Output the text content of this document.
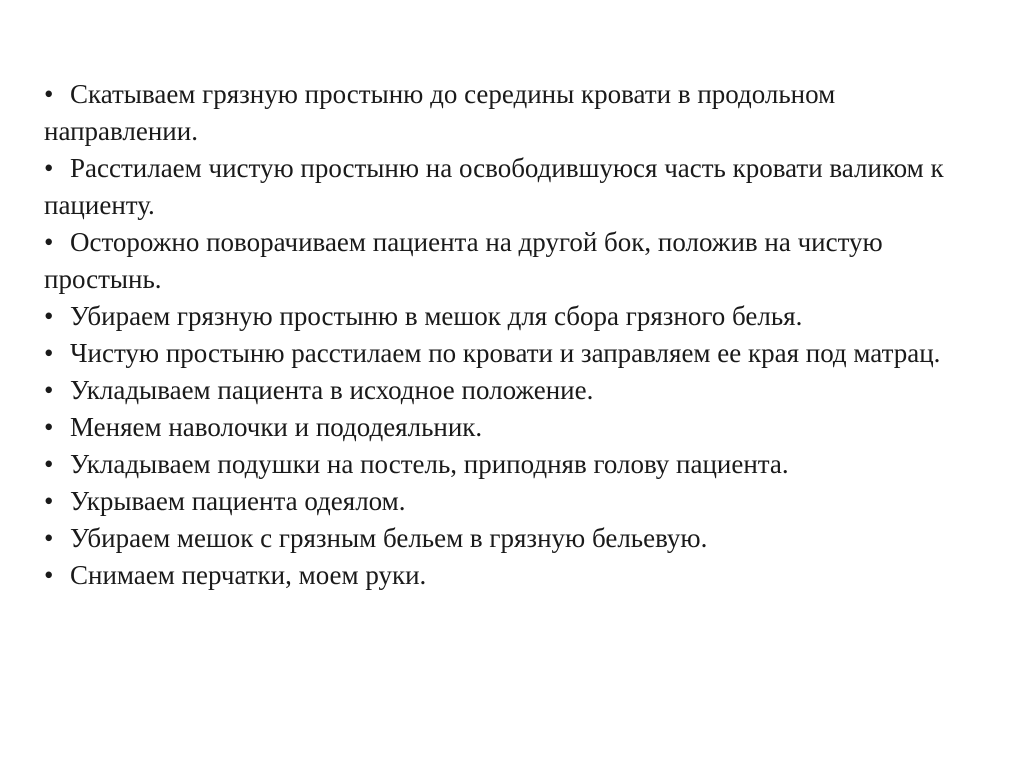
• Скатываем грязную простыню до середины кровати в продольном направлении.
• Расстилаем чистую простыню на освободившуюся часть кровати валиком к пациенту.
• Осторожно поворачиваем пациента на другой бок, положив на чистую простынь.
• Убираем грязную простыню в мешок для сбора грязного белья.
• Чистую простыню расстилаем по кровати и заправляем ее края под матрац.
• Укладываем пациента в исходное положение.
• Меняем наволочки и пододеяльник.
• Укладываем подушки на постель, приподняв голову пациента.
• Укрываем пациента одеялом.
• Убираем мешок с грязным бельем в грязную бельевую.
• Снимаем перчатки, моем руки.
